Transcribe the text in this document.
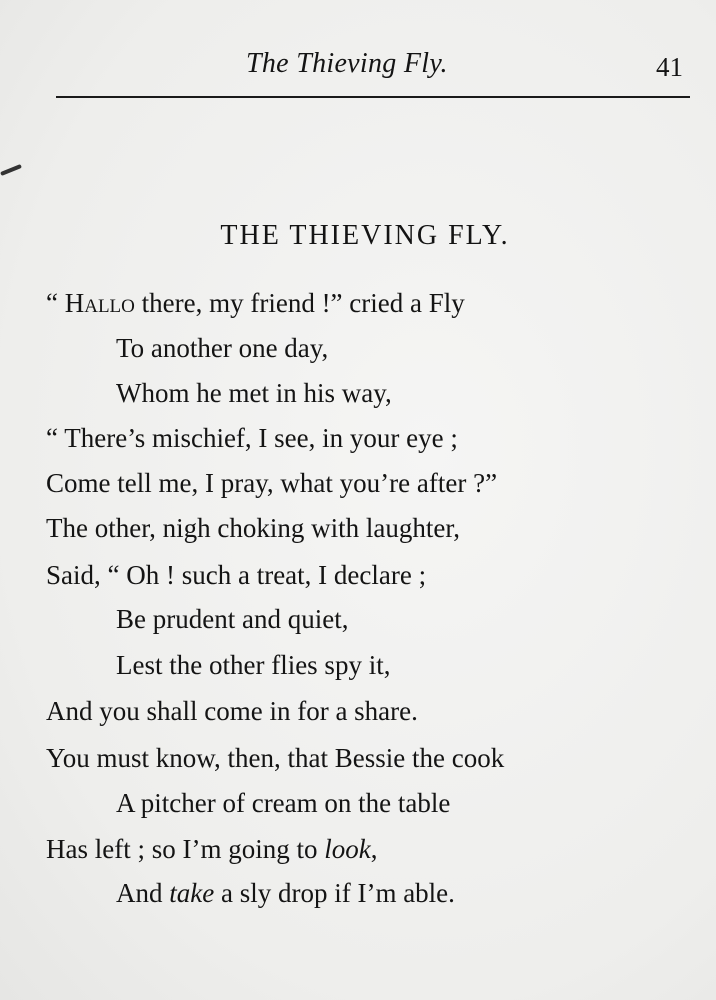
The Thieving Fly.	41
THE THIEVING FLY.
“ Hallo there, my friend !” cried a Fly
To another one day,
Whom he met in his way,
“ There’s mischief, I see, in your eye ;
Come tell me, I pray, what you’re after ?”
The other, nigh choking with laughter,
Said, “ Oh ! such a treat, I declare ;
Be prudent and quiet,
Lest the other flies spy it,
And you shall come in for a share.
You must know, then, that Bessie the cook
A pitcher of cream on the table
Has left ; so I’m going to look,
And take a sly drop if I’m able.
